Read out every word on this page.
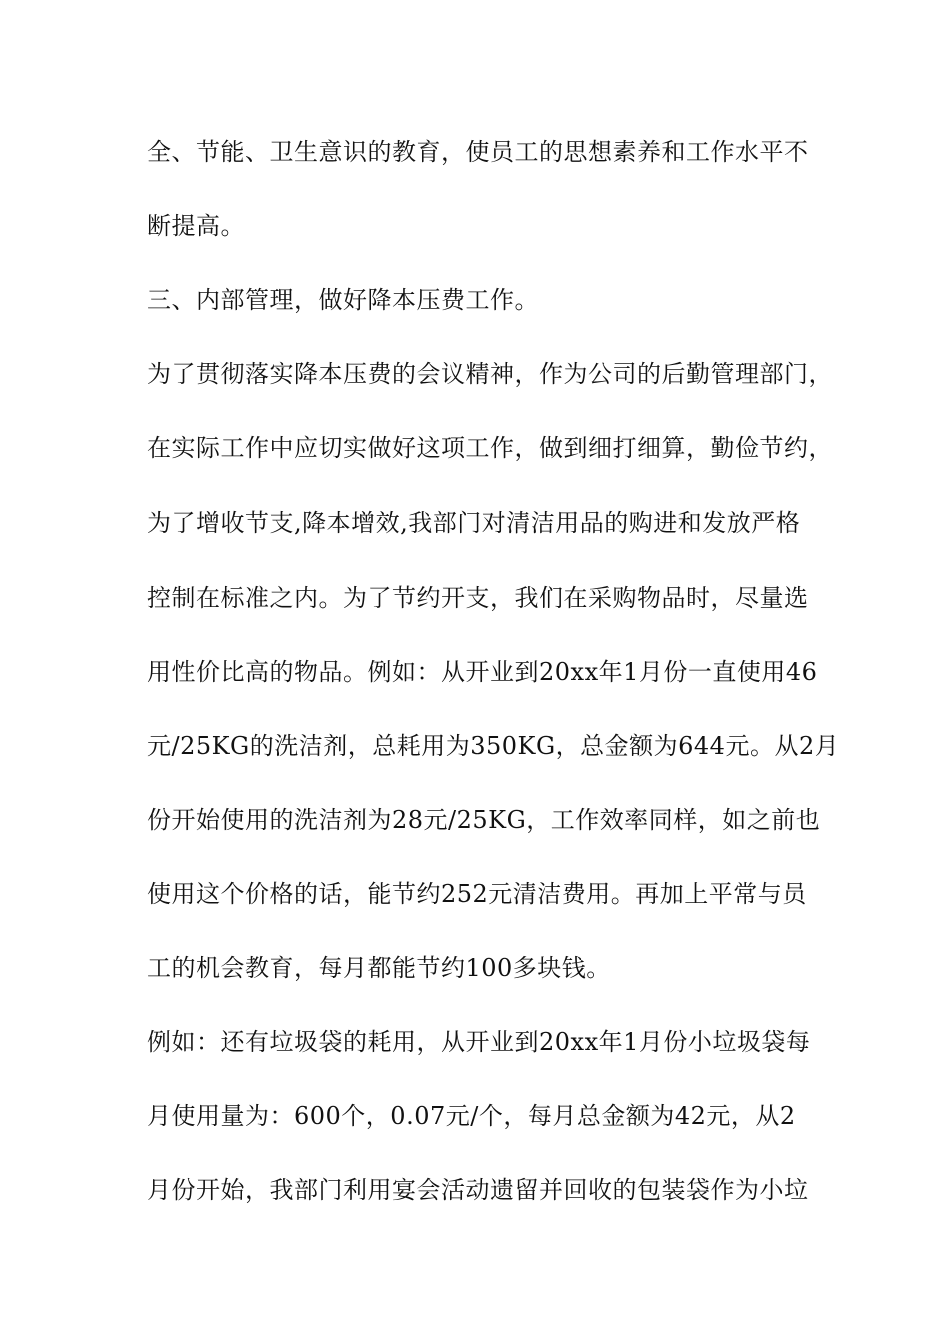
全、节能、卫生意识的教育，使员工的思想素养和工作水平不
断提高。
三、内部管理，做好降本压费工作。
为了贯彻落实降本压费的会议精神，作为公司的后勤管理部门，
在实际工作中应切实做好这项工作，做到细打细算，勤俭节约，
为了增收节支,降本增效,我部门对清洁用品的购进和发放严格
控制在标准之内。为了节约开支，我们在采购物品时，尽量选
用性价比高的物品。例如：从开业到20xx年1月份一直使用46
元/25KG的洗洁剂，总耗用为350KG，总金额为644元。从2月
份开始使用的洗洁剂为28元/25KG，工作效率同样，如之前也
使用这个价格的话，能节约252元清洁费用。再加上平常与员
工的机会教育，每月都能节约100多块钱。
例如：还有垃圾袋的耗用，从开业到20xx年1月份小垃圾袋每
月使用量为：600个，0.07元/个，每月总金额为42元，从2
月份开始，我部门利用宴会活动遗留并回收的包装袋作为小垃
